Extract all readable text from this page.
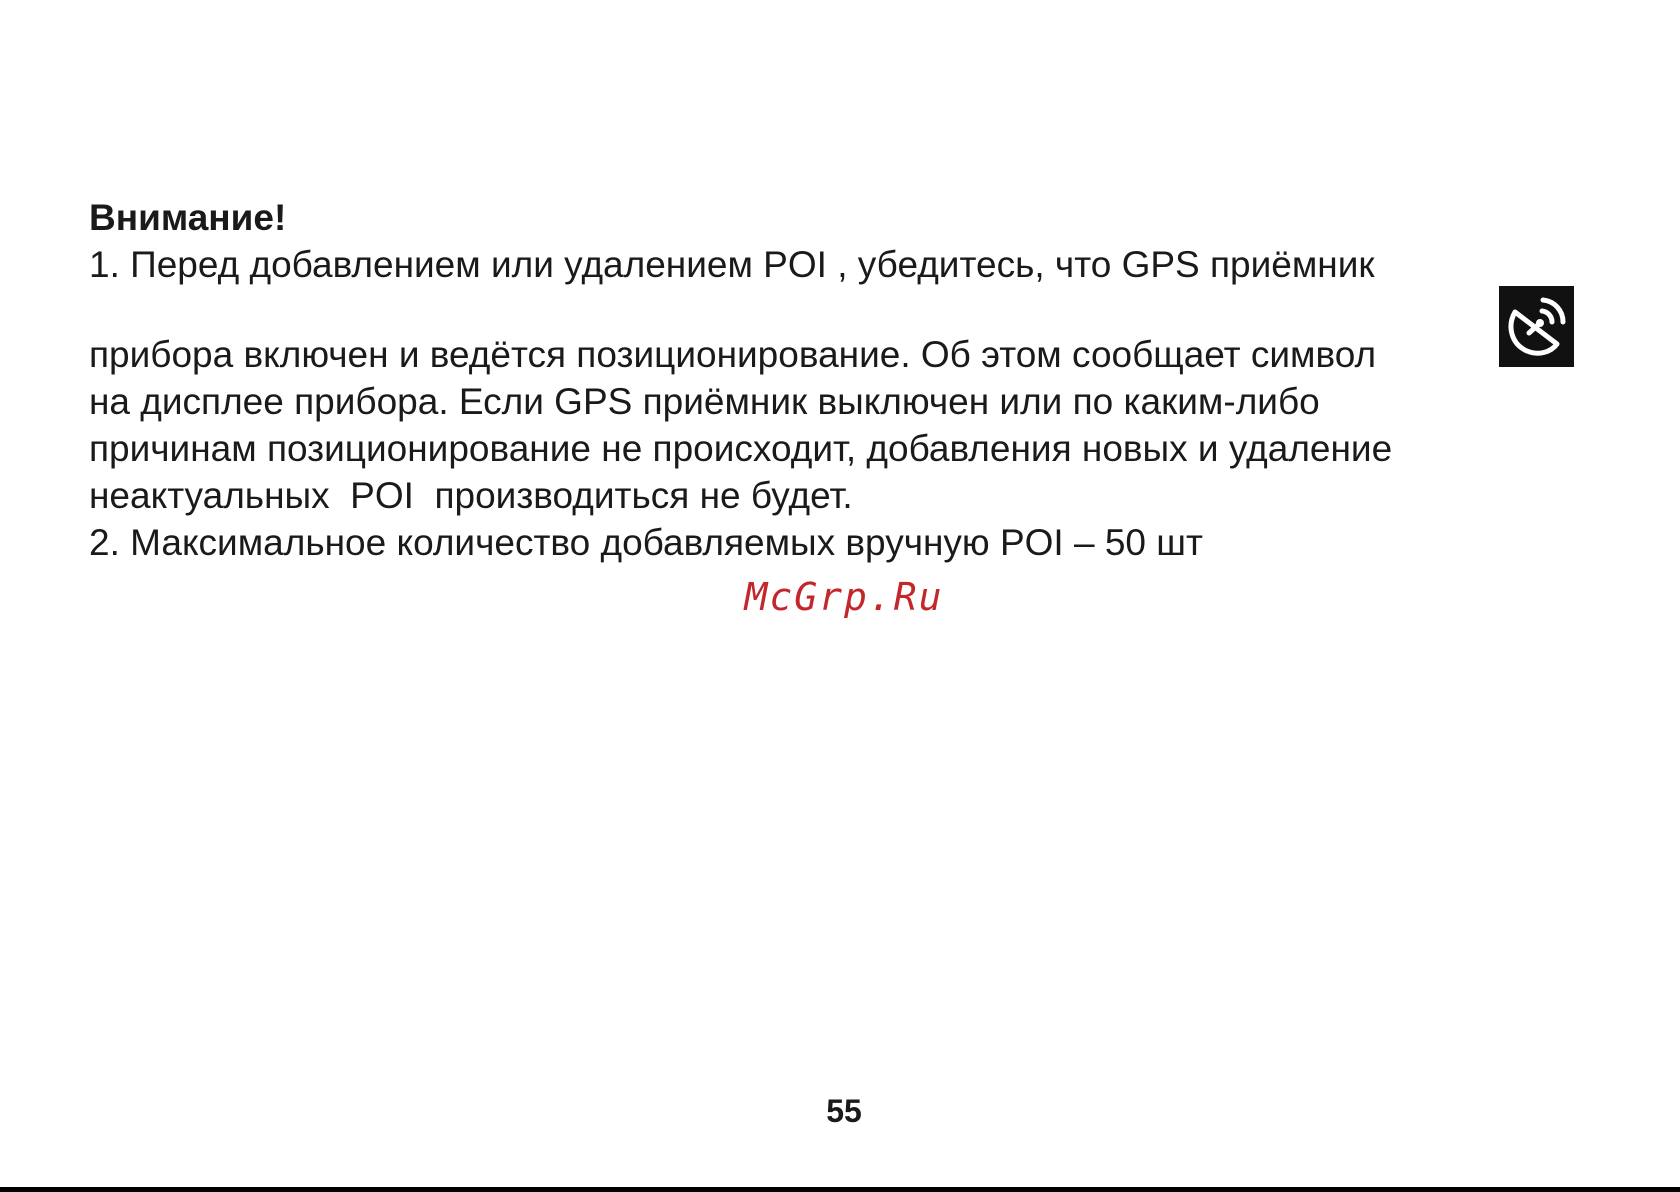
Внимание!

1. Перед добавлением или удалением POI , убедитесь, что GPS приёмник

прибора включен и ведётся позиционирование. Об этом сообщает символ

на дисплее прибора. Если GPS приёмник выключен или по каким-либо

причинам позиционирование не происходит, добавления новых и удаление

неактуальных  POI  производиться не будет.

2. Максимальное количество добавляемых вручную POI – 50 шт

McGrp.Ru
55
